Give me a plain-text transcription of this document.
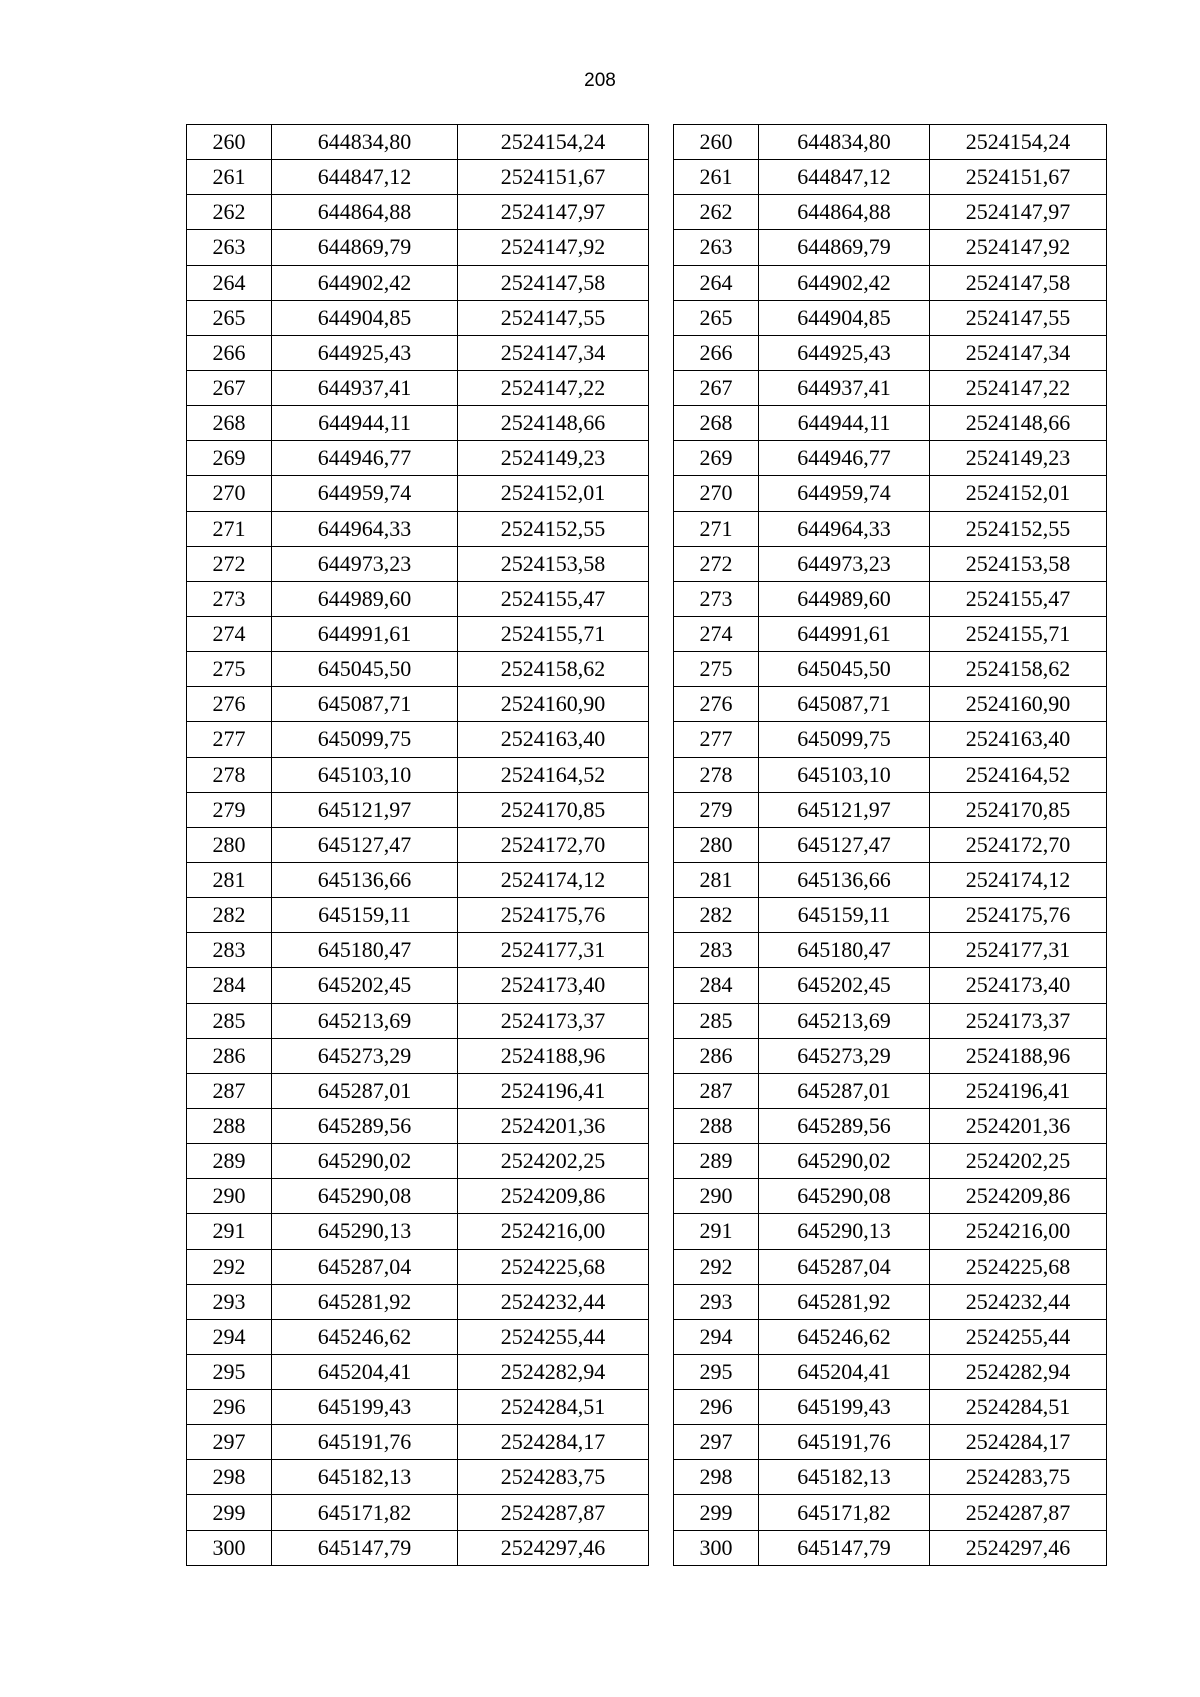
208
260	644834,80	2524154,24
261	644847,12	2524151,67
262	644864,88	2524147,97
263	644869,79	2524147,92
264	644902,42	2524147,58
265	644904,85	2524147,55
266	644925,43	2524147,34
267	644937,41	2524147,22
268	644944,11	2524148,66
269	644946,77	2524149,23
270	644959,74	2524152,01
271	644964,33	2524152,55
272	644973,23	2524153,58
273	644989,60	2524155,47
274	644991,61	2524155,71
275	645045,50	2524158,62
276	645087,71	2524160,90
277	645099,75	2524163,40
278	645103,10	2524164,52
279	645121,97	2524170,85
280	645127,47	2524172,70
281	645136,66	2524174,12
282	645159,11	2524175,76
283	645180,47	2524177,31
284	645202,45	2524173,40
285	645213,69	2524173,37
286	645273,29	2524188,96
287	645287,01	2524196,41
288	645289,56	2524201,36
289	645290,02	2524202,25
290	645290,08	2524209,86
291	645290,13	2524216,00
292	645287,04	2524225,68
293	645281,92	2524232,44
294	645246,62	2524255,44
295	645204,41	2524282,94
296	645199,43	2524284,51
297	645191,76	2524284,17
298	645182,13	2524283,75
299	645171,82	2524287,87
300	645147,79	2524297,46
260	644834,80	2524154,24
261	644847,12	2524151,67
262	644864,88	2524147,97
263	644869,79	2524147,92
264	644902,42	2524147,58
265	644904,85	2524147,55
266	644925,43	2524147,34
267	644937,41	2524147,22
268	644944,11	2524148,66
269	644946,77	2524149,23
270	644959,74	2524152,01
271	644964,33	2524152,55
272	644973,23	2524153,58
273	644989,60	2524155,47
274	644991,61	2524155,71
275	645045,50	2524158,62
276	645087,71	2524160,90
277	645099,75	2524163,40
278	645103,10	2524164,52
279	645121,97	2524170,85
280	645127,47	2524172,70
281	645136,66	2524174,12
282	645159,11	2524175,76
283	645180,47	2524177,31
284	645202,45	2524173,40
285	645213,69	2524173,37
286	645273,29	2524188,96
287	645287,01	2524196,41
288	645289,56	2524201,36
289	645290,02	2524202,25
290	645290,08	2524209,86
291	645290,13	2524216,00
292	645287,04	2524225,68
293	645281,92	2524232,44
294	645246,62	2524255,44
295	645204,41	2524282,94
296	645199,43	2524284,51
297	645191,76	2524284,17
298	645182,13	2524283,75
299	645171,82	2524287,87
300	645147,79	2524297,46
